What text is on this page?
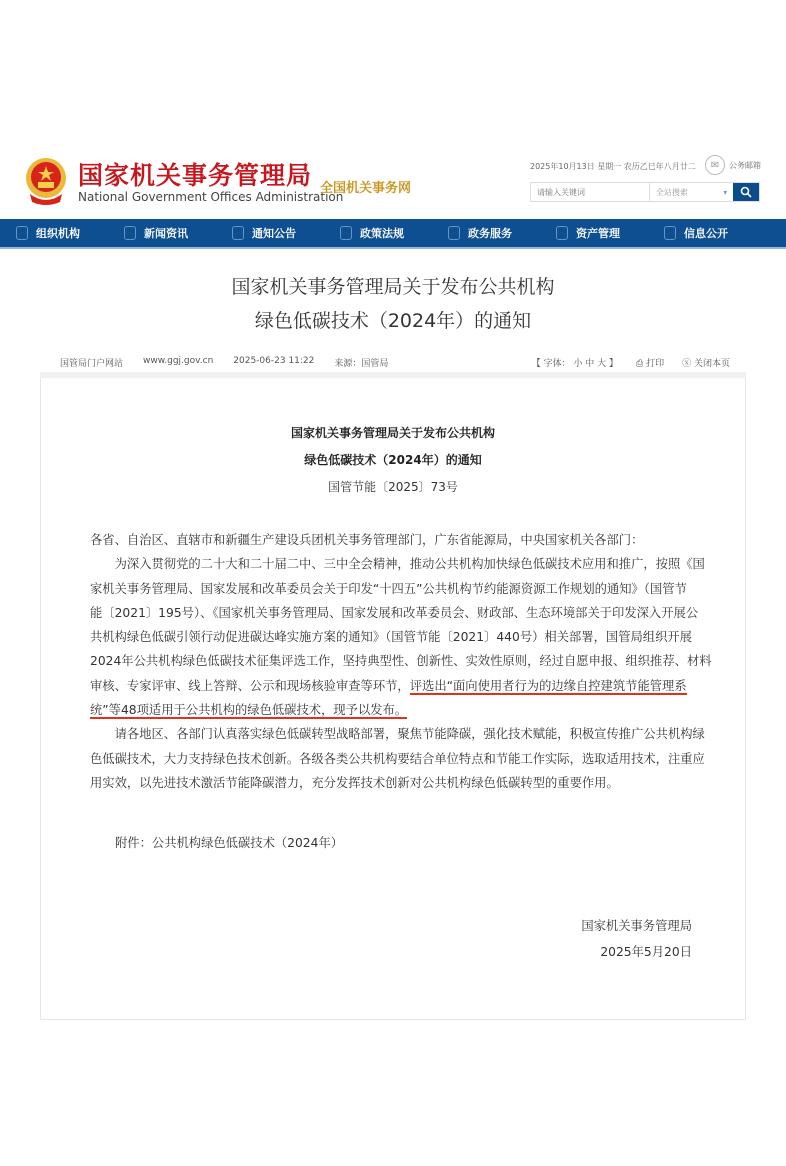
国家机关事务管理局
National Government Offices Administration
全国机关事务网
2025年10月13日 星期一 农历乙巳年八月廿二	✉	公务邮箱
请输入关键词
全站搜索	▾
组织机构	新闻资讯	通知公告	政策法规	政务服务	资产管理	信息公开
国家机关事务管理局关于发布公共机构
绿色低碳技术（2024年）的通知
国管局门户网站 www.ggj.gov.cn 2025-06-23 11:22 来源：国管局	【 字体： 小 中 大 】 ⎙ 打印 ⓧ 关闭本页
国家机关事务管理局关于发布公共机构
绿色低碳技术（2024年）的通知
国管节能〔2025〕73号
各省、自治区、直辖市和新疆生产建设兵团机关事务管理部门，广东省能源局，中央国家机关各部门：
　　为深入贯彻党的二十大和二十届二中、三中全会精神，推动公共机构加快绿色低碳技术应用和推广，按照《国
家机关事务管理局、国家发展和改革委员会关于印发“十四五”公共机构节约能源资源工作规划的通知》（国管节
能〔2021〕195号）、《国家机关事务管理局、国家发展和改革委员会、财政部、生态环境部关于印发深入开展公
共机构绿色低碳引领行动促进碳达峰实施方案的通知》（国管节能〔2021〕440号）相关部署，国管局组织开展
2024年公共机构绿色低碳技术征集评选工作，坚持典型性、创新性、实效性原则，经过自愿申报、组织推荐、材料
审核、专家评审、线上答辩、公示和现场核验审查等环节，评选出“面向使用者行为的边缘自控建筑节能管理系
统”等48项适用于公共机构的绿色低碳技术，现予以发布。
　　请各地区、各部门认真落实绿色低碳转型战略部署，聚焦节能降碳，强化技术赋能，积极宣传推广公共机构绿
色低碳技术，大力支持绿色技术创新。各级各类公共机构要结合单位特点和节能工作实际，选取适用技术，注重应
用实效，以先进技术激活节能降碳潜力，充分发挥技术创新对公共机构绿色低碳转型的重要作用。
附件：公共机构绿色低碳技术（2024年）
国家机关事务管理局
2025年5月20日
